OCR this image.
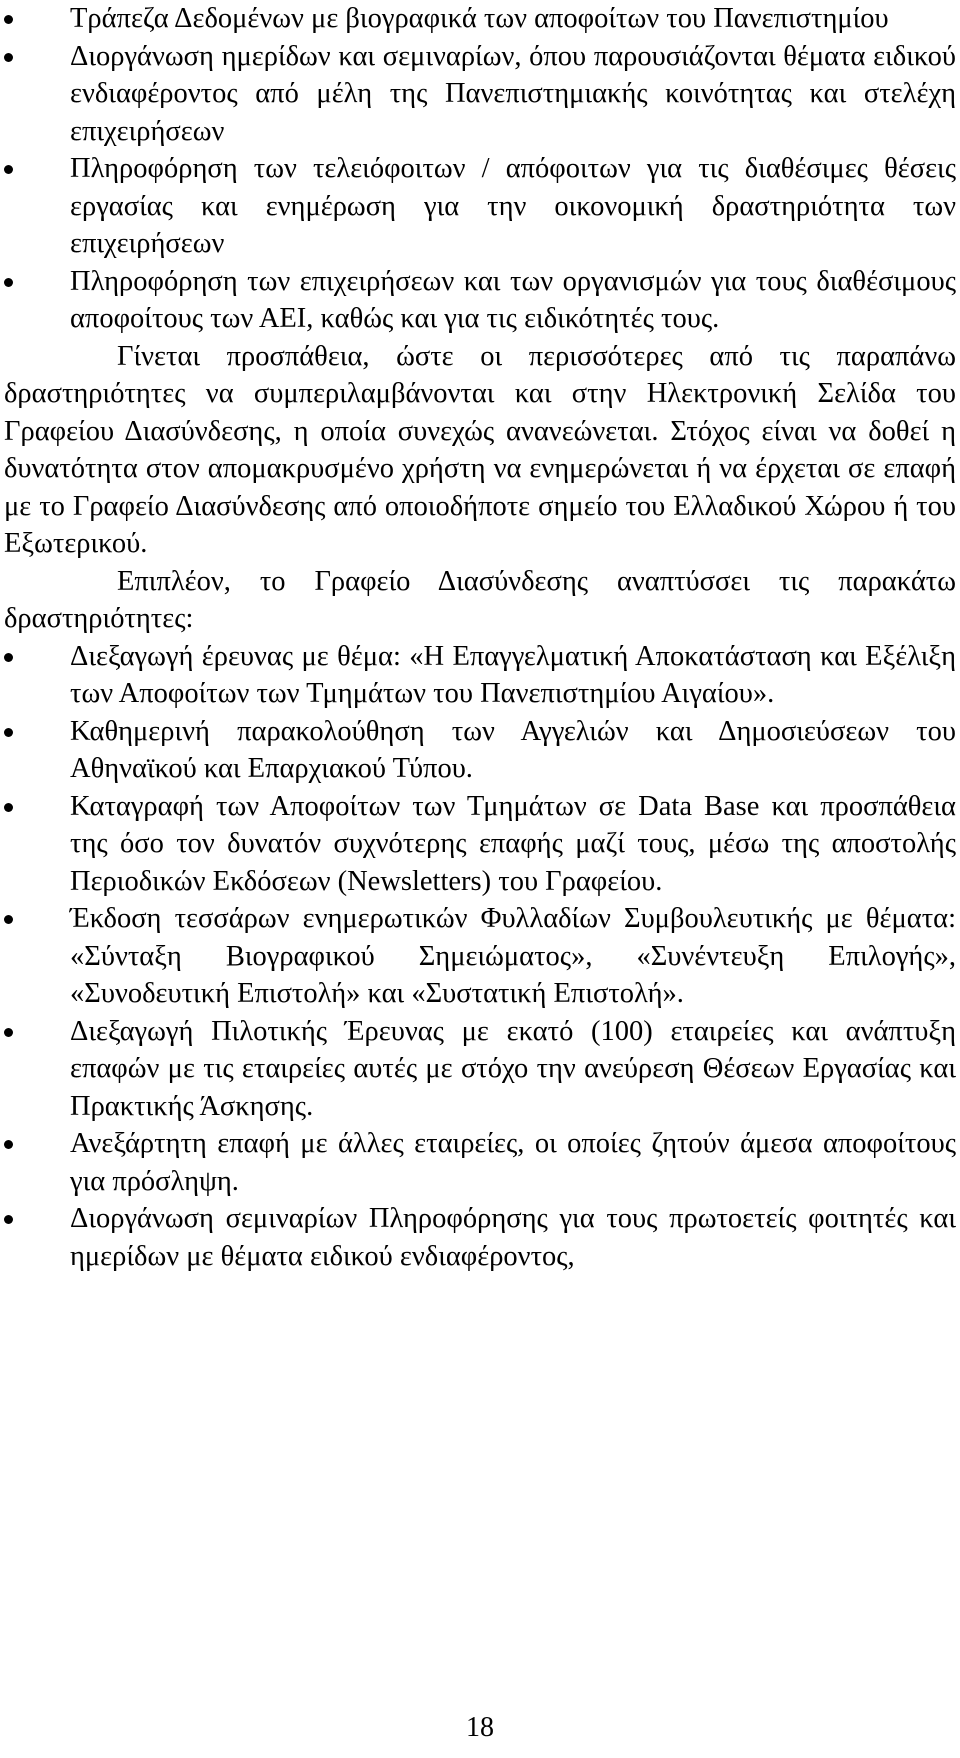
Τράπεζα Δεδομένων με βιογραφικά των αποφοίτων του Πανεπιστημίου
Διοργάνωση ημερίδων και σεμιναρίων, όπου παρουσιάζονται θέματα ειδικού ενδιαφέροντος από μέλη της Πανεπιστημιακής κοινότητας και στελέχη επιχειρήσεων
Πληροφόρηση των τελειόφοιτων / απόφοιτων για τις διαθέσιμες θέσεις εργασίας και ενημέρωση για την οικονομική δραστηριότητα των επιχειρήσεων
Πληροφόρηση των επιχειρήσεων και των οργανισμών για τους διαθέσιμους αποφοίτους των ΑΕΙ, καθώς και για τις ειδικότητές τους.

Γίνεται προσπάθεια, ώστε οι περισσότερες από τις παραπάνω δραστηριότητες να συμπεριλαμβάνονται και στην Ηλεκτρονική Σελίδα του Γραφείου Διασύνδεσης, η οποία συνεχώς ανανεώνεται. Στόχος είναι να δοθεί η δυνατότητα στον απομακρυσμένο χρήστη να ενημερώνεται ή να έρχεται σε επαφή με το Γραφείο Διασύνδεσης από οποιοδήποτε σημείο του Ελλαδικού Χώρου ή του Εξωτερικού.

Επιπλέον, το Γραφείο Διασύνδεσης αναπτύσσει τις παρακάτω δραστηριότητες:

Διεξαγωγή έρευνας με θέμα: «Η Επαγγελματική Αποκατάσταση και Εξέλιξη των Αποφοίτων των Τμημάτων του Πανεπιστημίου Αιγαίου».
Καθημερινή παρακολούθηση των Αγγελιών και Δημοσιεύσεων του Αθηναϊκού και Επαρχιακού Τύπου.
Καταγραφή των Αποφοίτων των Τμημάτων σε Data Base και προσπάθεια της όσο τον δυνατόν συχνότερης επαφής μαζί τους, μέσω της αποστολής Περιοδικών Εκδόσεων (Newsletters) του Γραφείου.
Έκδοση τεσσάρων ενημερωτικών Φυλλαδίων Συμβουλευτικής με θέματα: «Σύνταξη Βιογραφικού Σημειώματος», «Συνέντευξη Επιλογής», «Συνοδευτική Επιστολή» και «Συστατική Επιστολή».
Διεξαγωγή Πιλοτικής Έρευνας με εκατό (100) εταιρείες και ανάπτυξη επαφών με τις εταιρείες αυτές με στόχο την ανεύρεση Θέσεων Εργασίας και Πρακτικής Άσκησης.
Ανεξάρτητη επαφή με άλλες εταιρείες, οι οποίες ζητούν άμεσα αποφοίτους για πρόσληψη.
Διοργάνωση σεμιναρίων Πληροφόρησης για τους πρωτοετείς φοιτητές και ημερίδων με θέματα ειδικού ενδιαφέροντος,
18
